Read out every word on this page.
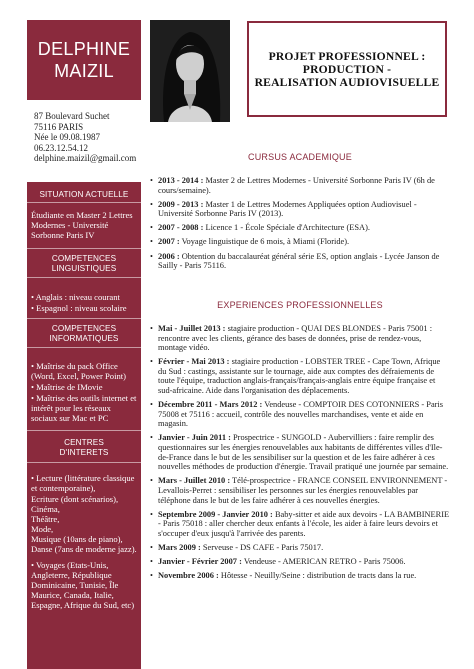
DELPHINE
MAIZIL
87 Boulevard Suchet
75116 PARIS
Née le 09.08.1987
06.23.12.54.12
delphine.maizil@gmail.com
SITUATION ACTUELLE
Étudiante en Master 2 Lettres Modernes - Université Sorbonne Paris IV
COMPETENCES
LINGUISTIQUES
• Anglais : niveau courant
• Espagnol : niveau scolaire
COMPETENCES
INFORMATIQUES
• Maîtrise du pack Office (Word, Excel, Power Point)
• Maîtrise de IMovie
• Maîtrise des outils internet et intérêt pour les réseaux sociaux sur Mac et PC
CENTRES
D'INTERETS
• Lecture (littérature classique et contemporaine),
Ecriture (dont scénarios),
Cinéma,
Théâtre,
Mode,
Musique (10ans de piano),
Danse (7ans de moderne jazz).
• Voyages (Etats-Unis, Angleterre, République Dominicaine, Tunisie, Île Maurice, Canada, Italie, Espagne, Afrique du Sud, etc)
PROJET PROFESSIONNEL :
PRODUCTION -
REALISATION AUDIOVISUELLE
CURSUS ACADEMIQUE
• 2013 - 2014 : Master 2 de Lettres Modernes - Université Sorbonne Paris IV (6h de cours/semaine).
• 2009 - 2013 : Master 1 de Lettres Modernes Appliquées option Audiovisuel - Université Sorbonne Paris IV (2013).
• 2007 - 2008 : Licence 1 - École Spéciale d'Architecture (ESA).
• 2007 : Voyage linguistique de 6 mois, à Miami (Floride).
• 2006 : Obtention du baccalauréat général série ES, option anglais - Lycée Janson de Sailly - Paris 75116.
EXPERIENCES PROFESSIONNELLES
• Mai - Juillet 2013 : stagiaire production - QUAI DES BLONDES - Paris 75001 : rencontre avec les clients, gérance des bases de données, prise de rendez-vous, montage vidéo.
• Février - Mai 2013 : stagiaire production - LOBSTER TREE - Cape Town, Afrique du Sud : castings, assistante sur le tournage, aide aux comptes des défraiements de toute l'équipe, traduction anglais-français/français-anglais entre équipe française et sud-africaine. Aide dans l'organisation des déplacements.
• Décembre 2011 - Mars 2012 : Vendeuse - COMPTOIR DES COTONNIERS - Paris 75008 et 75116 : accueil, contrôle des nouvelles marchandises, vente et aide en magasin.
• Janvier - Juin 2011 : Prospectrice - SUNGOLD - Aubervilliers : faire remplir des questionnaires sur les énergies renouvelables aux habitants de différentes villes d'Ile-de-France dans le but de les sensibiliser sur la question et de les faire adhérer à ces nouvelles méthodes de production d'énergie. Travail pratiqué une journée par semaine.
• Mars - Juillet 2010 : Télé-prospectrice - FRANCE CONSEIL ENVIRONNEMENT - Levallois-Perret : sensibiliser les personnes sur les énergies renouvelables par téléphone dans le but de les faire adhérer à ces nouvelles énergies.
• Septembre 2009 - Janvier 2010 : Baby-sitter et aide aux devoirs - LA BAMBINERIE - Paris 75018 : aller chercher deux enfants à l'école, les aider à faire leurs devoirs et s'occuper d'eux jusqu'à l'arrivée des parents.
• Mars 2009 : Serveuse - DS CAFE - Paris 75017.
• Janvier - Février 2007 : Vendeuse - AMERICAN RETRO - Paris 75006.
• Novembre 2006 : Hôtesse - Neuilly/Seine : distribution de tracts dans la rue.
